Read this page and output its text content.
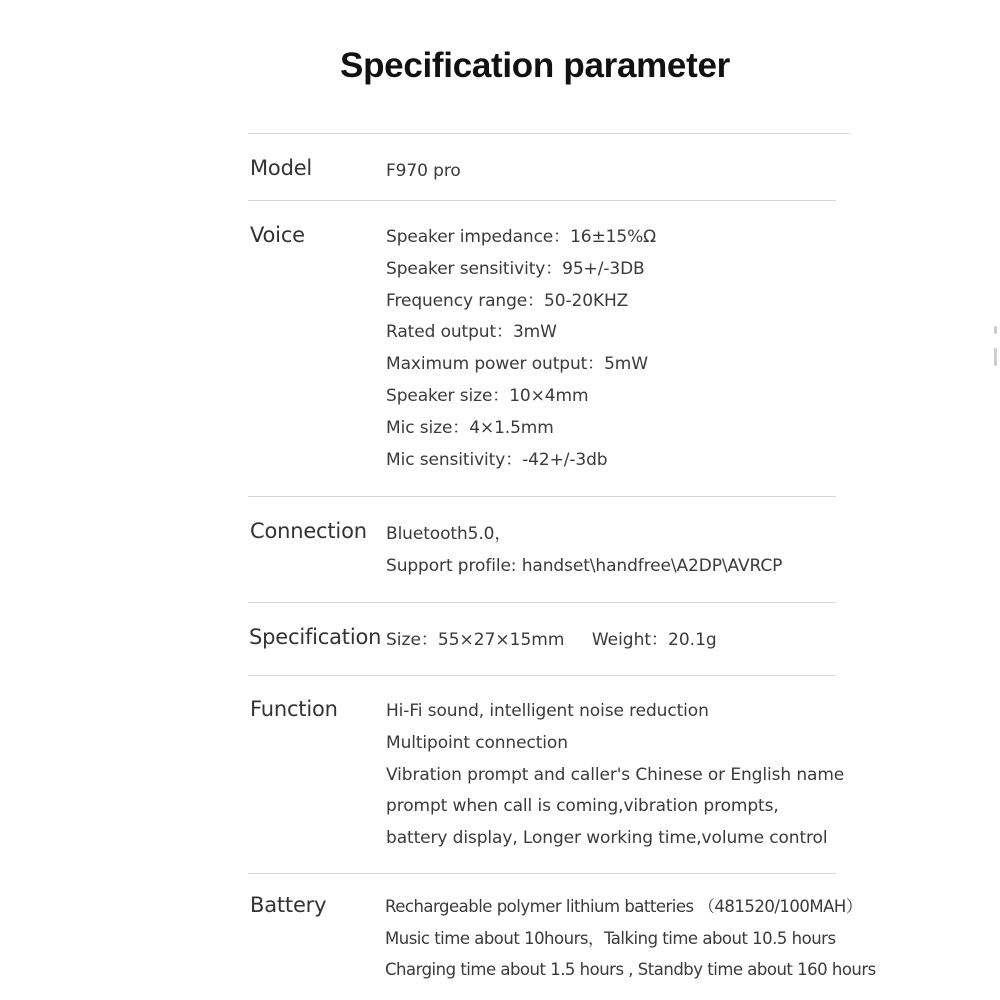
Specification parameter
Model	F970 pro
Voice	Speaker impedance：16±15%Ω
Speaker sensitivity：95+/-3DB
Frequency range：50-20KHZ
Rated output：3mW
Maximum power output：5mW
Speaker size：10×4mm
Mic size：4×1.5mm
Mic sensitivity：-42+/-3db
Connection Bluetooth5.0，
Support profile: handset\handfree\A2DP\AVRCP
Specification Size：55×27×15mm Weight：20.1g
Function	Hi-Fi sound, intelligent noise reduction
Multipoint connection
Vibration prompt and caller's Chinese or English name
prompt when call is coming,vibration prompts,
battery display, Longer working time,volume control
Battery	Rechargeable polymer lithium batteries （481520/100MAH）
Music time about 10hours，Talking time about 10.5 hours
Charging time about 1.5 hours , Standby time about 160 hours
